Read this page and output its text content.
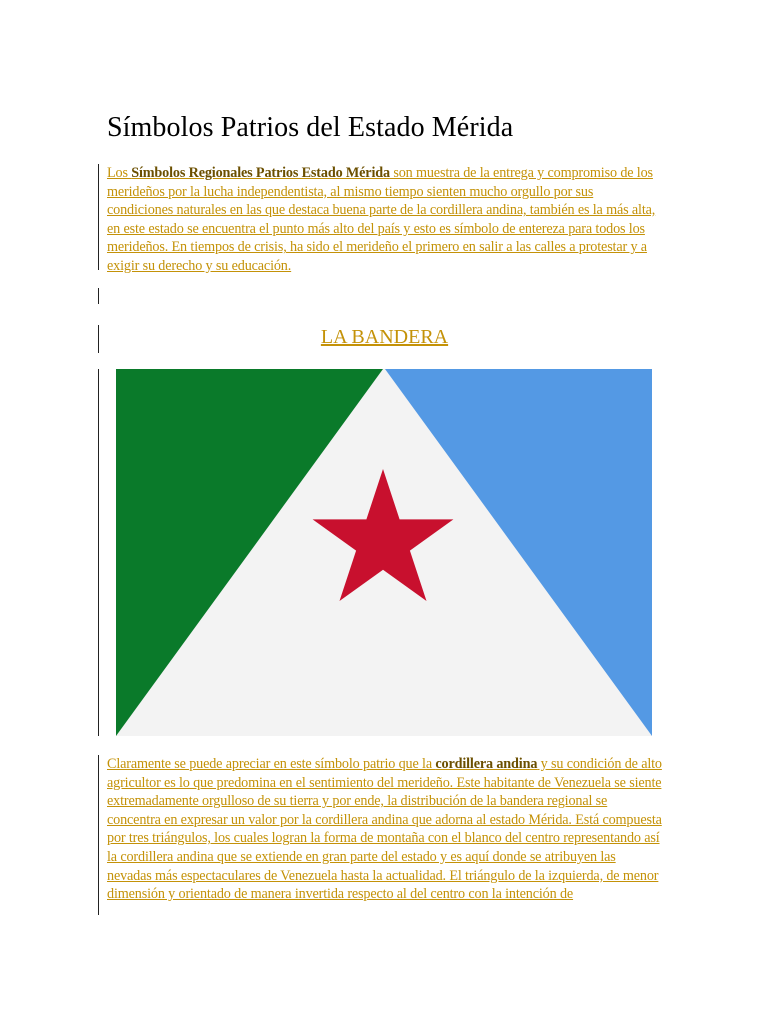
Símbolos Patrios del Estado Mérida

Los Símbolos Regionales Patrios Estado Mérida son muestra de la entrega y compromiso de los merideños por la lucha independentista, al mismo tiempo sienten mucho orgullo por sus condiciones naturales en las que destaca buena parte de la cordillera andina, también es la más alta, en este estado se encuentra el punto más alto del país y esto es símbolo de entereza para todos los merideños. En tiempos de crisis, ha sido el merideño el primero en salir a las calles a protestar y a exigir su derecho y su educación.

LA BANDERA

Claramente se puede apreciar en este símbolo patrio que la cordillera andina y su condición de alto agricultor es lo que predomina en el sentimiento del merideño. Este habitante de Venezuela se siente extremadamente orgulloso de su tierra y por ende, la distribución de la bandera regional se concentra en expresar un valor por la cordillera andina que adorna al estado Mérida. Está compuesta por tres triángulos, los cuales logran la forma de montaña con el blanco del centro representando así la cordillera andina que se extiende en gran parte del estado y es aquí donde se atribuyen las nevadas más espectaculares de Venezuela hasta la actualidad. El triángulo de la izquierda, de menor dimensión y orientado de manera invertida respecto al del centro con la intención de
